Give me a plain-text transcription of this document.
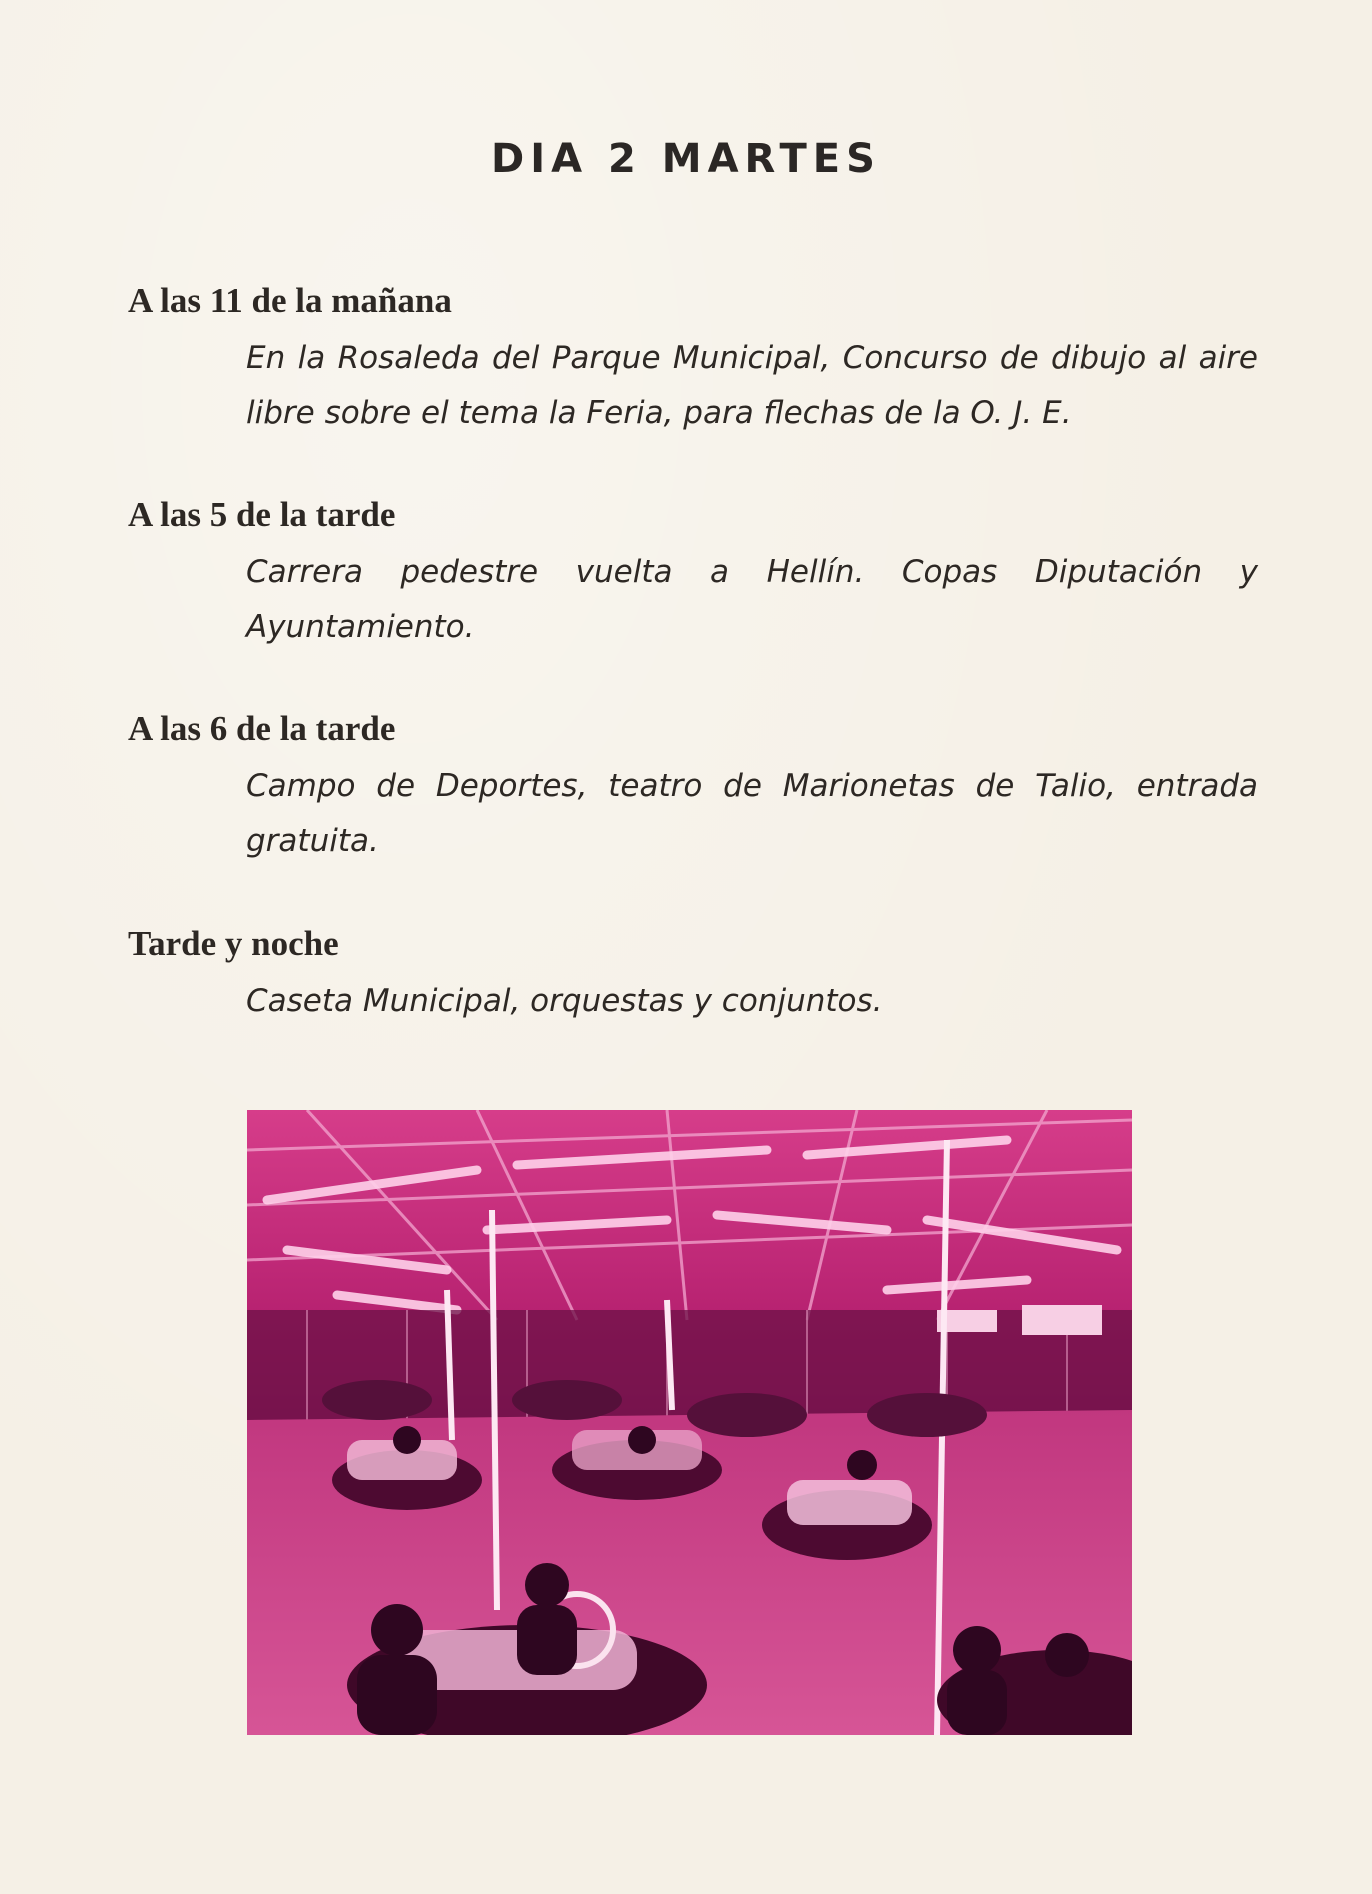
DIA 2 MARTES
A las 11 de la mañana
En la Rosaleda del Parque Municipal, Concurso de dibujo al aire libre sobre el tema la Feria, para flechas de la O. J. E.
A las 5 de la tarde
Carrera pedestre vuelta a Hellín. Copas Diputación y Ayuntamiento.
A las 6 de la tarde
Campo de Deportes, teatro de Marionetas de Talio, entrada gratuita.
Tarde y noche
Caseta Municipal, orquestas y conjuntos.
